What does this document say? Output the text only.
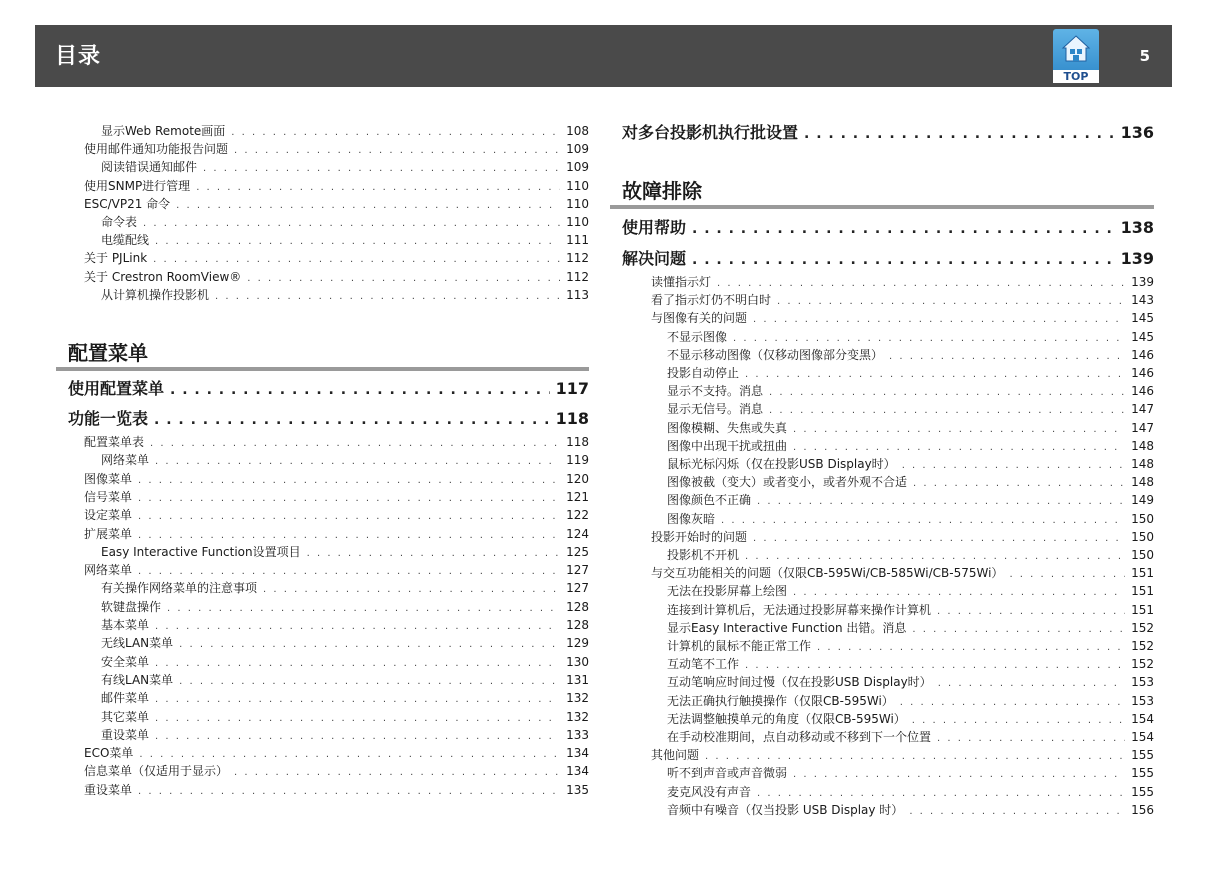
目录
TOP
5
显示Web Remote画面 . . .	108
使用邮件通知功能报告问题 . . .	109
阅读错误通知邮件 . . .	109
使用SNMP进行管理 . . .	110
ESC/VP21 命令 . . .	110
命令表 . . .	110
电缆配线 . . .	111
关于 PJLink . . .	112
关于 Crestron RoomView® . . .	112
从计算机操作投影机 . . .	113
配置菜单
使用配置菜单 . . .	117
功能一览表 . . .	118
配置菜单表 . . .	118
网络菜单 . . .	119
图像菜单 . . .	120
信号菜单 . . .	121
设定菜单 . . .	122
扩展菜单 . . .	124
Easy Interactive Function设置项目 . . .	125
网络菜单 . . .	127
有关操作网络菜单的注意事项 . . .	127
软键盘操作 . . .	128
基本菜单 . . .	128
无线LAN菜单 . . .	129
安全菜单 . . .	130
有线LAN菜单 . . .	131
邮件菜单 . . .	132
其它菜单 . . .	132
重设菜单 . . .	133
ECO菜单 . . .	134
信息菜单（仅适用于显示） . . .	134
重设菜单 . . .	135
对多台投影机执行批设置 . . .	136
故障排除
使用帮助 . . .	138
解决问题 . . .	139
读懂指示灯 . . .	139
看了指示灯仍不明白时 . . .	143
与图像有关的问题 . . .	145
不显示图像 . . .	145
不显示移动图像（仅移动图像部分变黑） . . .	146
投影自动停止 . . .	146
显示不支持。消息 . . .	146
显示无信号。消息 . . .	147
图像模糊、失焦或失真 . . .	147
图像中出现干扰或扭曲 . . .	148
鼠标光标闪烁（仅在投影USB Display时） . . .	148
图像被截（变大）或者变小，或者外观不合适 . . .	148
图像颜色不正确 . . .	149
图像灰暗 . . .	150
投影开始时的问题 . . .	150
投影机不开机 . . .	150
与交互功能相关的问题（仅限CB-595Wi/CB-585Wi/CB-575Wi） . . .	151
无法在投影屏幕上绘图 . . .	151
连接到计算机后，无法通过投影屏幕来操作计算机 . . .	151
显示Easy Interactive Function 出错。消息 . . .	152
计算机的鼠标不能正常工作 . . .	152
互动笔不工作 . . .	152
互动笔响应时间过慢（仅在投影USB Display时） . . .	153
无法正确执行触摸操作（仅限CB-595Wi） . . .	153
无法调整触摸单元的角度（仅限CB-595Wi） . . .	154
在手动校准期间，点自动移动或不移到下一个位置 . . .	154
其他问题 . . .	155
听不到声音或声音微弱 . . .	155
麦克风没有声音 . . .	155
音频中有噪音（仅当投影 USB Display 时） . . .	156
